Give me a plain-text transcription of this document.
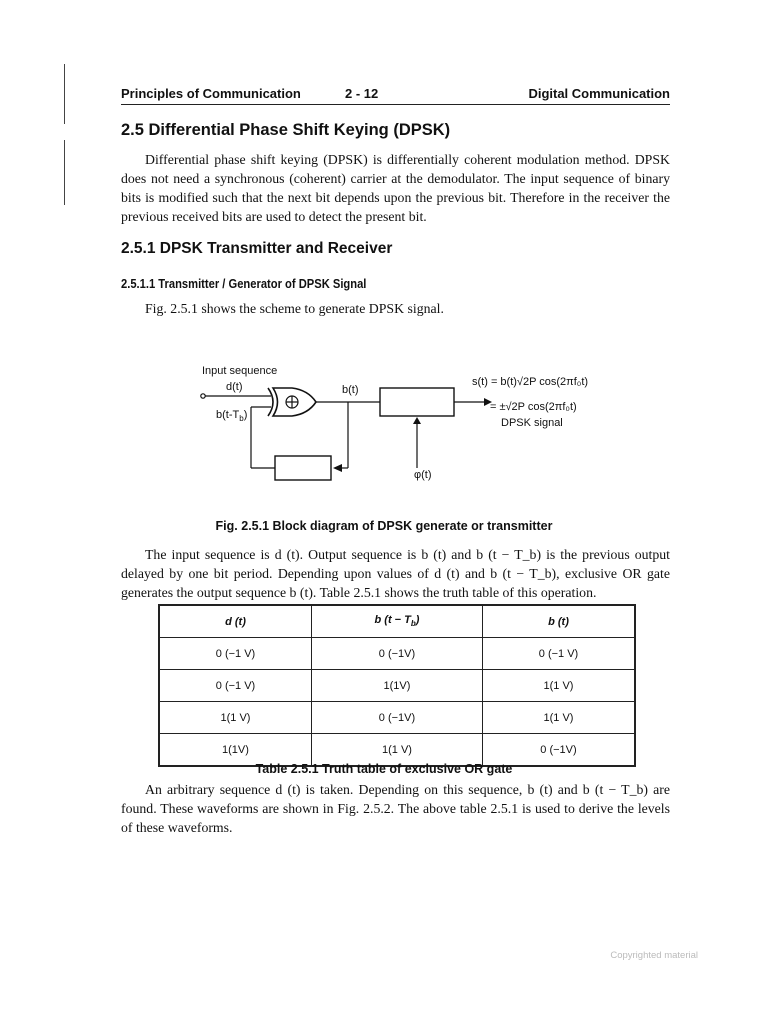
Principles of Communication	2 - 12	Digital Communication
2.5 Differential Phase Shift Keying (DPSK)
Differential phase shift keying (DPSK) is differentially coherent modulation method. DPSK does not need a synchronous (coherent) carrier at the demodulator. The input sequence of binary bits is modified such that the next bit depends upon the previous bit. Therefore in the receiver the previous received bits are used to detect the present bit.
2.5.1 DPSK Transmitter and Receiver
2.5.1.1 Transmitter / Generator of DPSK Signal
Fig. 2.5.1 shows the scheme to generate DPSK signal.
Input sequence
d(t)
$b(t-T_b)$
b(t)
φ(t)
s(t) = b(t)√2P cos(2πf₀t)
= ±√2P cos(2πf₀t)
DPSK signal
Fig. 2.5.1 Block diagram of DPSK generate or transmitter
The input sequence is d (t). Output sequence is b (t) and b (t − T_b) is the previous output delayed by one bit period. Depending upon values of d (t) and b (t − T_b), exclusive OR gate generates the output sequence b (t). Table 2.5.1 shows the truth table of this operation.
d (t)	b $(t - T_b)$	b (t)
0 (−1 V)	0 (−1V)	0 (−1 V)
0 (−1 V)	1(1V)	1(1 V)
1(1 V)	0 (−1V)	1(1 V)
1(1V)	1(1 V)	0 (−1V)
Table 2.5.1 Truth table of exclusive OR gate
An arbitrary sequence d (t) is taken. Depending on this sequence, b (t) and b (t − T_b) are found. These waveforms are shown in Fig. 2.5.2. The above table 2.5.1 is used to derive the levels of these waveforms.
Copyrighted material
